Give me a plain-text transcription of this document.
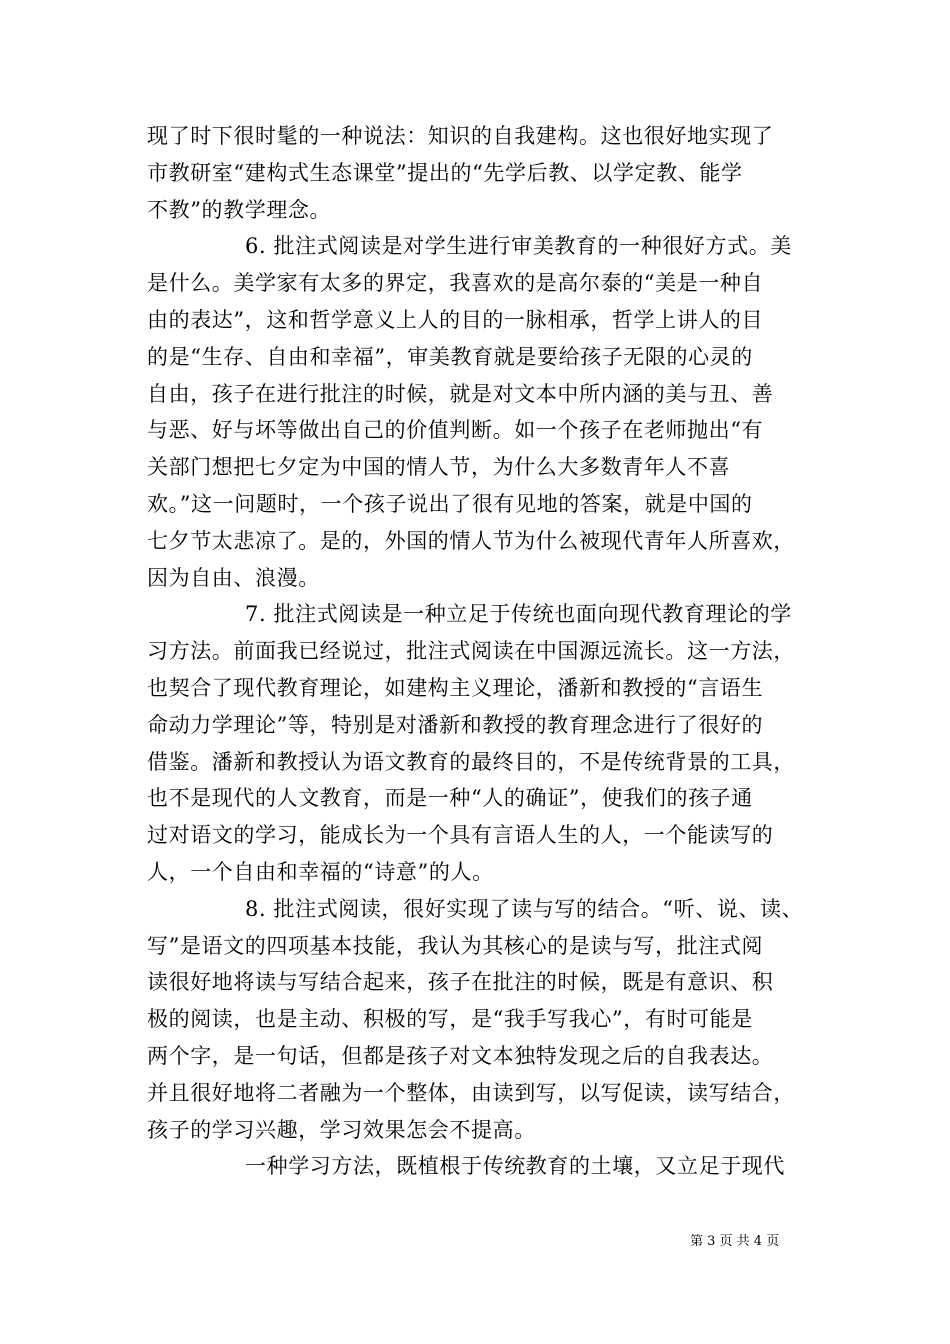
现了时下很时髦的一种说法：知识的自我建构。这也很好地实现了
市教研室“建构式生态课堂”提出的“先学后教、以学定教、能学
不教”的教学理念。
6. 批注式阅读是对学生进行审美教育的一种很好方式。美
是什么。美学家有太多的界定，我喜欢的是高尔泰的“美是一种自
由的表达”，这和哲学意义上人的目的一脉相承，哲学上讲人的目
的是“生存、自由和幸福”，审美教育就是要给孩子无限的心灵的
自由，孩子在进行批注的时候，就是对文本中所内涵的美与丑、善
与恶、好与坏等做出自己的价值判断。如一个孩子在老师抛出“有
关部门想把七夕定为中国的情人节，为什么大多数青年人不喜
欢。”这一问题时，一个孩子说出了很有见地的答案，就是中国的
七夕节太悲凉了。是的，外国的情人节为什么被现代青年人所喜欢，
因为自由、浪漫。
7. 批注式阅读是一种立足于传统也面向现代教育理论的学
习方法。前面我已经说过，批注式阅读在中国源远流长。这一方法，
也契合了现代教育理论，如建构主义理论，潘新和教授的“言语生
命动力学理论”等，特别是对潘新和教授的教育理念进行了很好的
借鉴。潘新和教授认为语文教育的最终目的，不是传统背景的工具，
也不是现代的人文教育，而是一种“人的确证”，使我们的孩子通
过对语文的学习，能成长为一个具有言语人生的人，一个能读写的
人，一个自由和幸福的“诗意”的人。
8. 批注式阅读，很好实现了读与写的结合。“听、说、读、
写”是语文的四项基本技能，我认为其核心的是读与写，批注式阅
读很好地将读与写结合起来，孩子在批注的时候，既是有意识、积
极的阅读，也是主动、积极的写，是“我手写我心”，有时可能是
两个字，是一句话，但都是孩子对文本独特发现之后的自我表达。
并且很好地将二者融为一个整体，由读到写，以写促读，读写结合，
孩子的学习兴趣，学习效果怎会不提高。
一种学习方法，既植根于传统教育的土壤，又立足于现代
第 3 页 共 4 页
